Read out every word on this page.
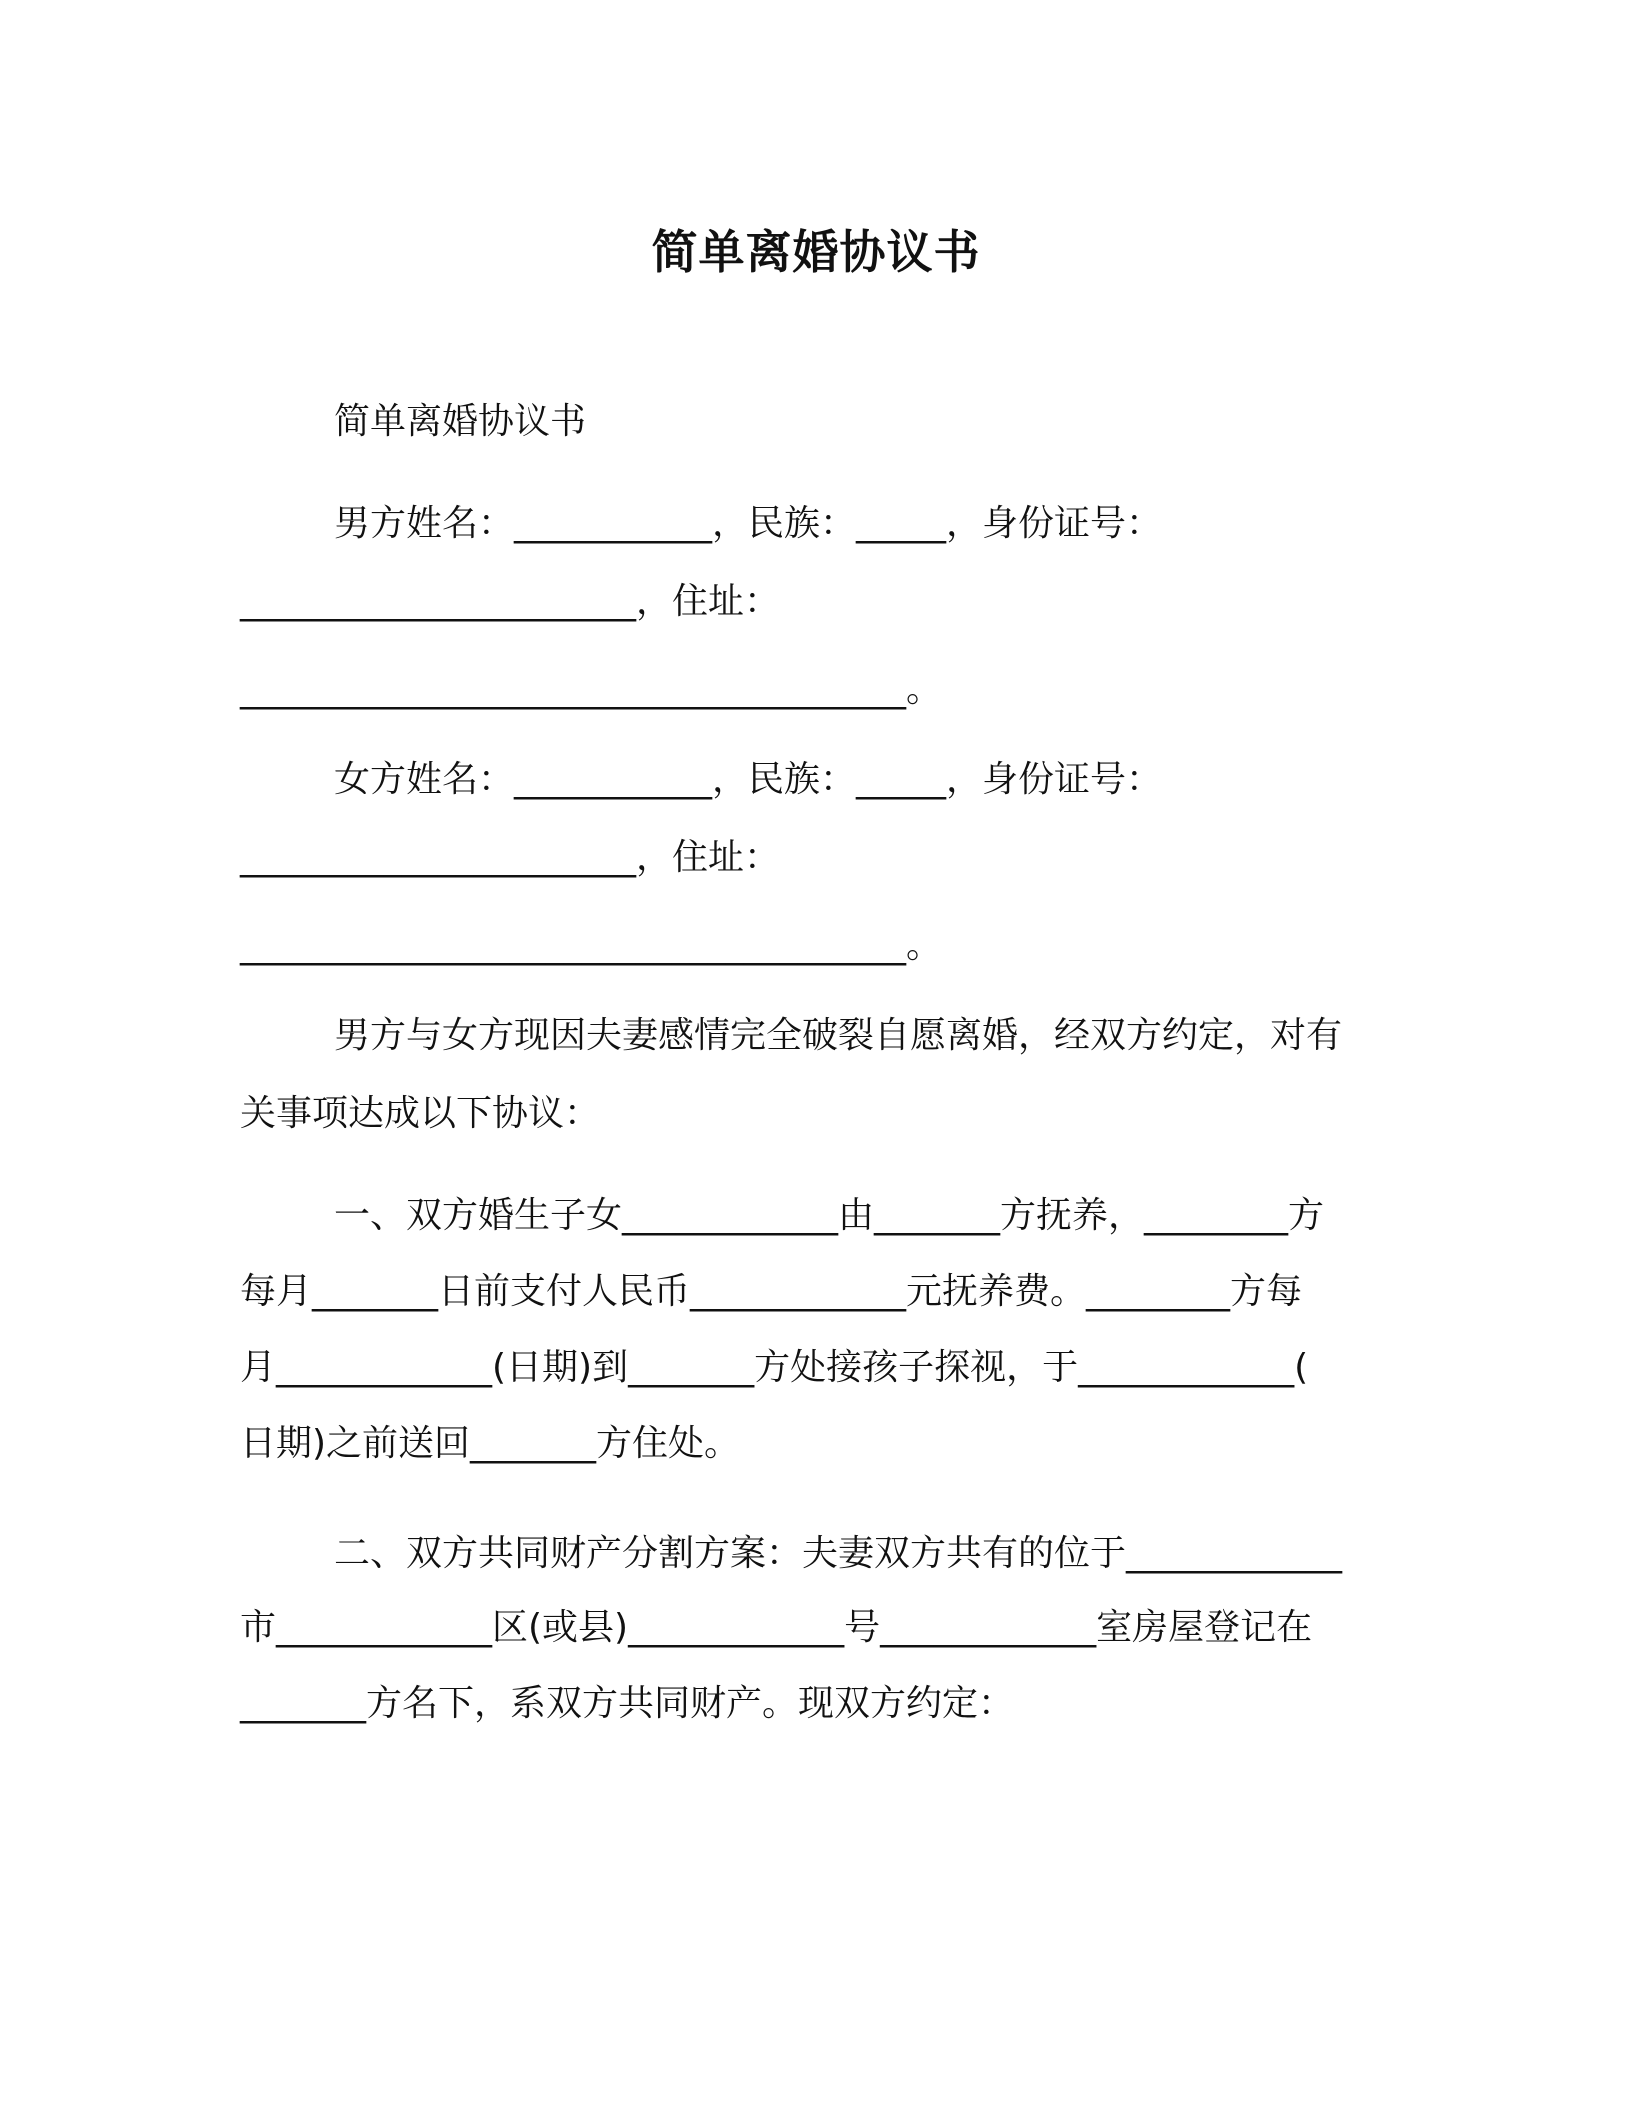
简单离婚协议书
简单离婚协议书
男方姓名：___________，民族：_____，身份证号：
______________________，住址：
_____________________________________。
女方姓名：___________，民族：_____，身份证号：
______________________，住址：
_____________________________________。
男方与女方现因夫妻感情完全破裂自愿离婚，经双方约定，对有
关事项达成以下协议：
一、双方婚生子女____________由_______方抚养，________方
每月_______日前支付人民币____________元抚养费。________方每
月____________(日期)到_______方处接孩子探视，于____________(
日期)之前送回_______方住处。
二、双方共同财产分割方案：夫妻双方共有的位于____________
市____________区(或县)____________号____________室房屋登记在
_______方名下，系双方共同财产。现双方约定：
